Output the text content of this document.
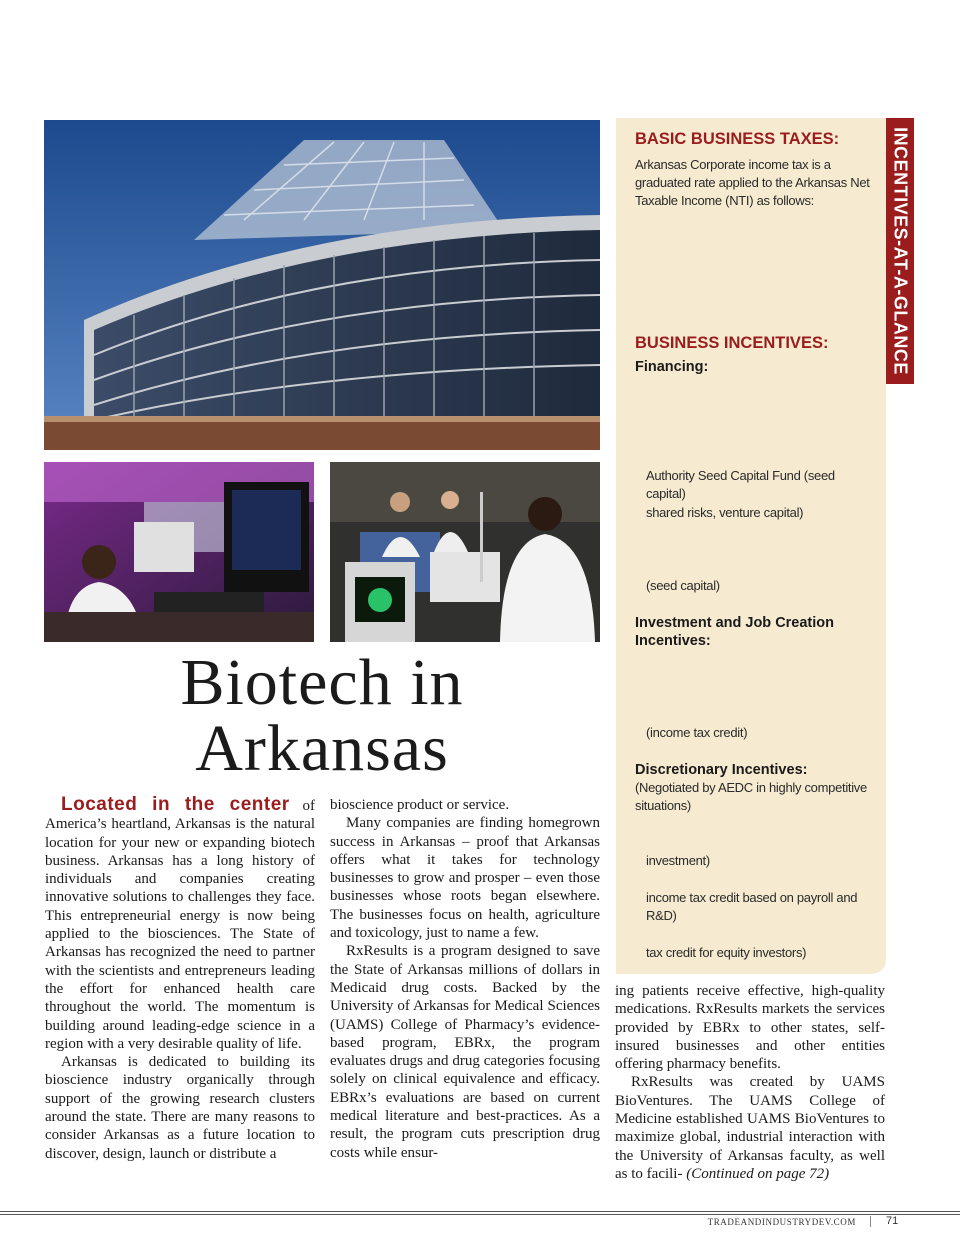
Biotech in
Arkansas

Located in the center of America’s heartland, Arkansas is the natural location for your new or expanding biotech business. Arkansas has a long history of individuals and companies creating innovative solutions to challenges they face. This entrepreneurial energy is now being applied to the biosciences. The State of Arkansas has recognized the need to partner with the scientists and entrepreneurs leading the effort for enhanced health care throughout the world. The momentum is building around leading-edge science in a region with a very desirable quality of life.

Arkansas is dedicated to building its bioscience industry organically through support of the growing research clusters around the state. There are many reasons to consider Arkansas as a future location to discover, design, launch or distribute a

bioscience product or service.

Many companies are finding homegrown success in Arkansas – proof that Arkansas offers what it takes for technology businesses to grow and prosper – even those businesses whose roots began elsewhere. The businesses focus on health, agriculture and toxicology, just to name a few.

RxResults is a program designed to save the State of Arkansas millions of dollars in Medicaid drug costs. Backed by the University of Arkansas for Medical Sciences (UAMS) College of Pharmacy’s evidence-based program, EBRx, the program evaluates drugs and drug categories focusing solely on clinical equivalence and efficacy. EBRx’s evaluations are based on current medical literature and best-practices. As a result, the program cuts prescription drug costs while ensur-

ing patients receive effective, high-quality medications. RxResults markets the services provided by EBRx to other states, self-insured businesses and other entities offering pharmacy benefits.

RxResults was created by UAMS BioVentures. The UAMS College of Medicine established UAMS BioVentures to maximize global, industrial interaction with the University of Arkansas faculty, as well as to facili- (Continued on page 72)

BASIC BUSINESS TAXES:
Arkansas Corporate income tax is a graduated rate applied to the Arkansas Net Taxable Income (NTI) as follows:
BUSINESS INCENTIVES:
Financing:
Authority Seed Capital Fund (seed capital)
shared risks, venture capital)
(seed capital)
Investment and Job Creation Incentives:
(income tax credit)
Discretionary Incentives:
(Negotiated by AEDC in highly competitive situations)
investment)
income tax credit based on payroll and R&D)
tax credit for equity investors)
INCENTIVES-AT-A-GLANCE
TRADEANDINDUSTRYDEV.COM	71
